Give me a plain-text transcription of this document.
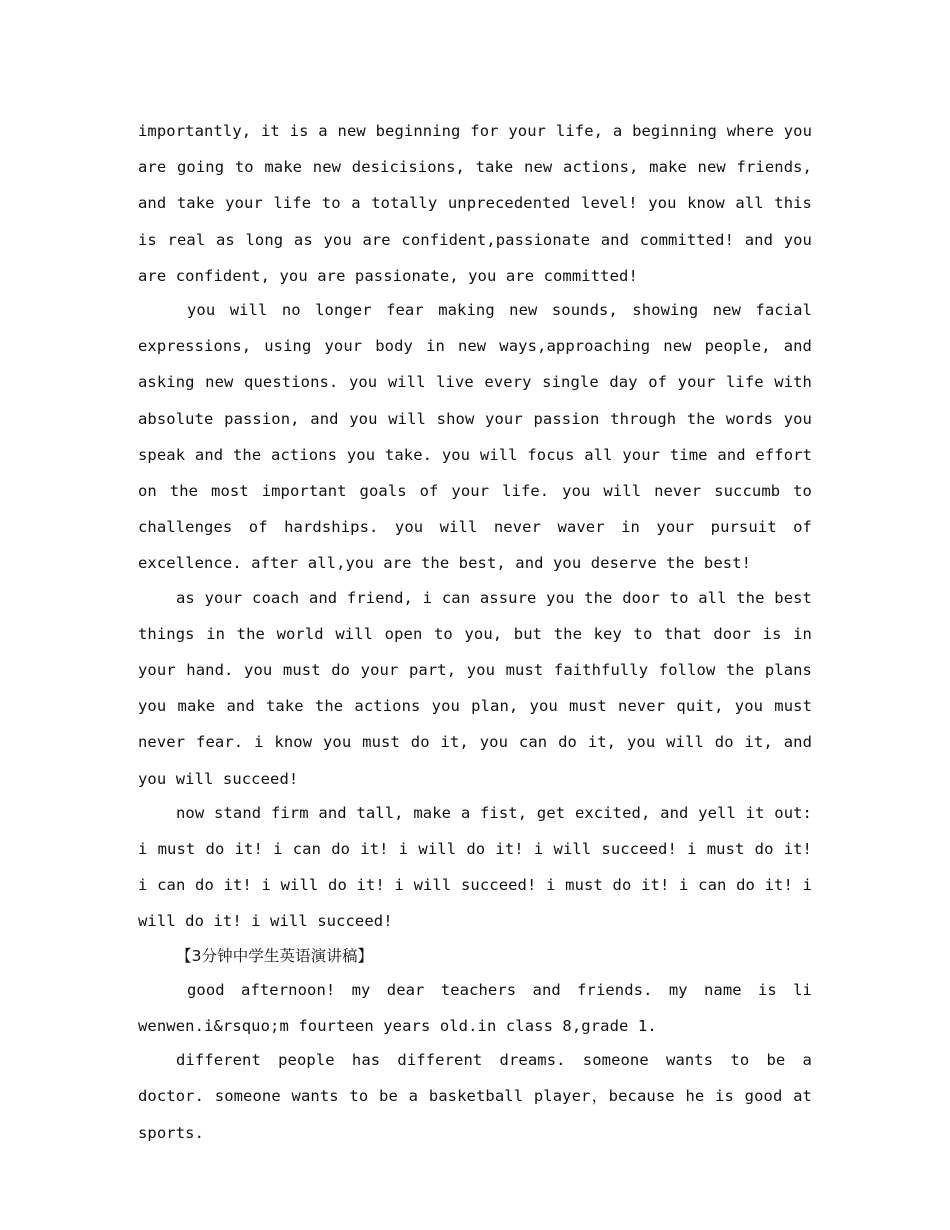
importantly, it is a new beginning for your life, a beginning where you are going to make new desicisions, take new actions, make new friends, and take your life to a totally unprecedented level! you know all this is real as long as you are confident,passionate and committed! and you are confident, you are passionate, you are committed!

you will no longer fear making new sounds, showing new facial expressions, using your body in new ways,approaching new people, and asking new questions. you will live every single day of your life with absolute passion, and you will show your passion through the words you speak and the actions you take. you will focus all your time and effort on the most important goals of your life. you will never succumb to challenges of hardships. you will never waver in your pursuit of excellence. after all,you are the best, and you deserve the best!

as your coach and friend, i can assure you the door to all the best things in the world will open to you, but the key to that door is in your hand. you must do your part, you must faithfully follow the plans you make and take the actions you plan, you must never quit, you must never fear. i know you must do it, you can do it, you will do it, and you will succeed!

now stand firm and tall, make a fist, get excited, and yell it out: i must do it! i can do it! i will do it! i will succeed! i must do it! i can do it! i will do it! i will succeed! i must do it! i can do it! i will do it! i will succeed!

【3分钟中学生英语演讲稿】

good afternoon! my dear teachers and friends. my name is li wenwen.i&rsquo;m fourteen years old.in class 8,grade 1.

different people has different dreams. someone wants to be a doctor. someone wants to be a basketball player，because he is good at sports.
